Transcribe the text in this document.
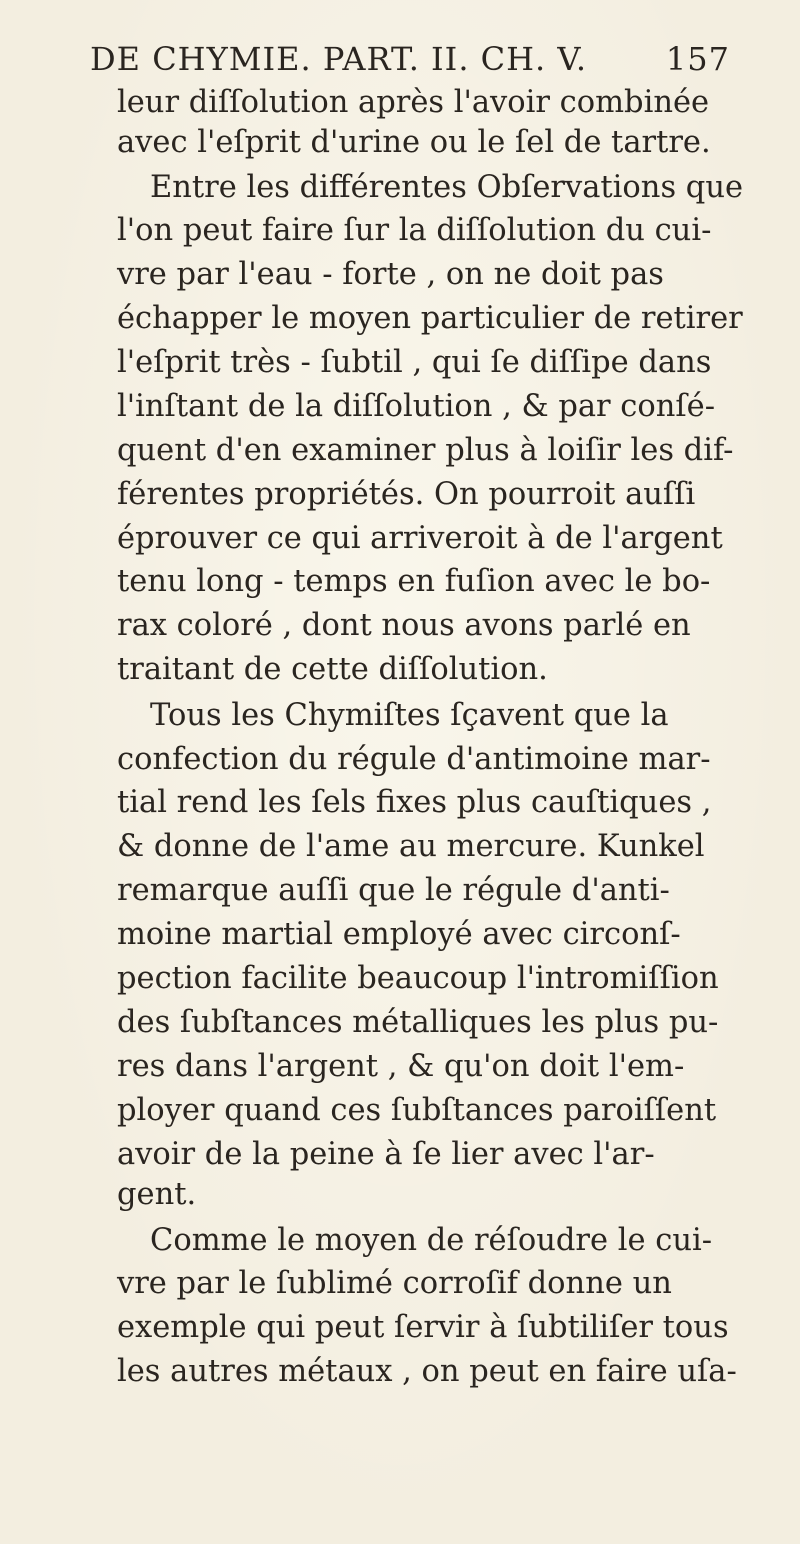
DE CHYMIE. PART. II. CH. V. 157
leur diſſolution après l'avoir combinée
avec l'eſprit d'urine ou le ſel de tartre.
Entre les différentes Obſervations que
l'on peut faire ſur la diſſolution du cui-
vre par l'eau - forte , on ne doit pas
échapper le moyen particulier de retirer
l'eſprit très - ſubtil , qui ſe diſſipe dans
l'inſtant de la diſſolution , & par conſé-
quent d'en examiner plus à loiſir les dif-
férentes propriétés. On pourroit auſſi
éprouver ce qui arriveroit à de l'argent
tenu long - temps en fuſion avec le bo-
rax coloré , dont nous avons parlé en
traitant de cette diſſolution.
Tous les Chymiſtes ſçavent que la
confection du régule d'antimoine mar-
tial rend les ſels fixes plus cauſtiques ,
& donne de l'ame au mercure. Kunkel
remarque auſſi que le régule d'anti-
moine martial employé avec circonſ-
pection facilite beaucoup l'intromiſſion
des ſubſtances métalliques les plus pu-
res dans l'argent , & qu'on doit l'em-
ployer quand ces ſubſtances paroiſſent
avoir de la peine à ſe lier avec l'ar-
gent.
Comme le moyen de réſoudre le cui-
vre par le ſublimé corroſif donne un
exemple qui peut ſervir à ſubtiliſer tous
les autres métaux , on peut en faire uſa-
